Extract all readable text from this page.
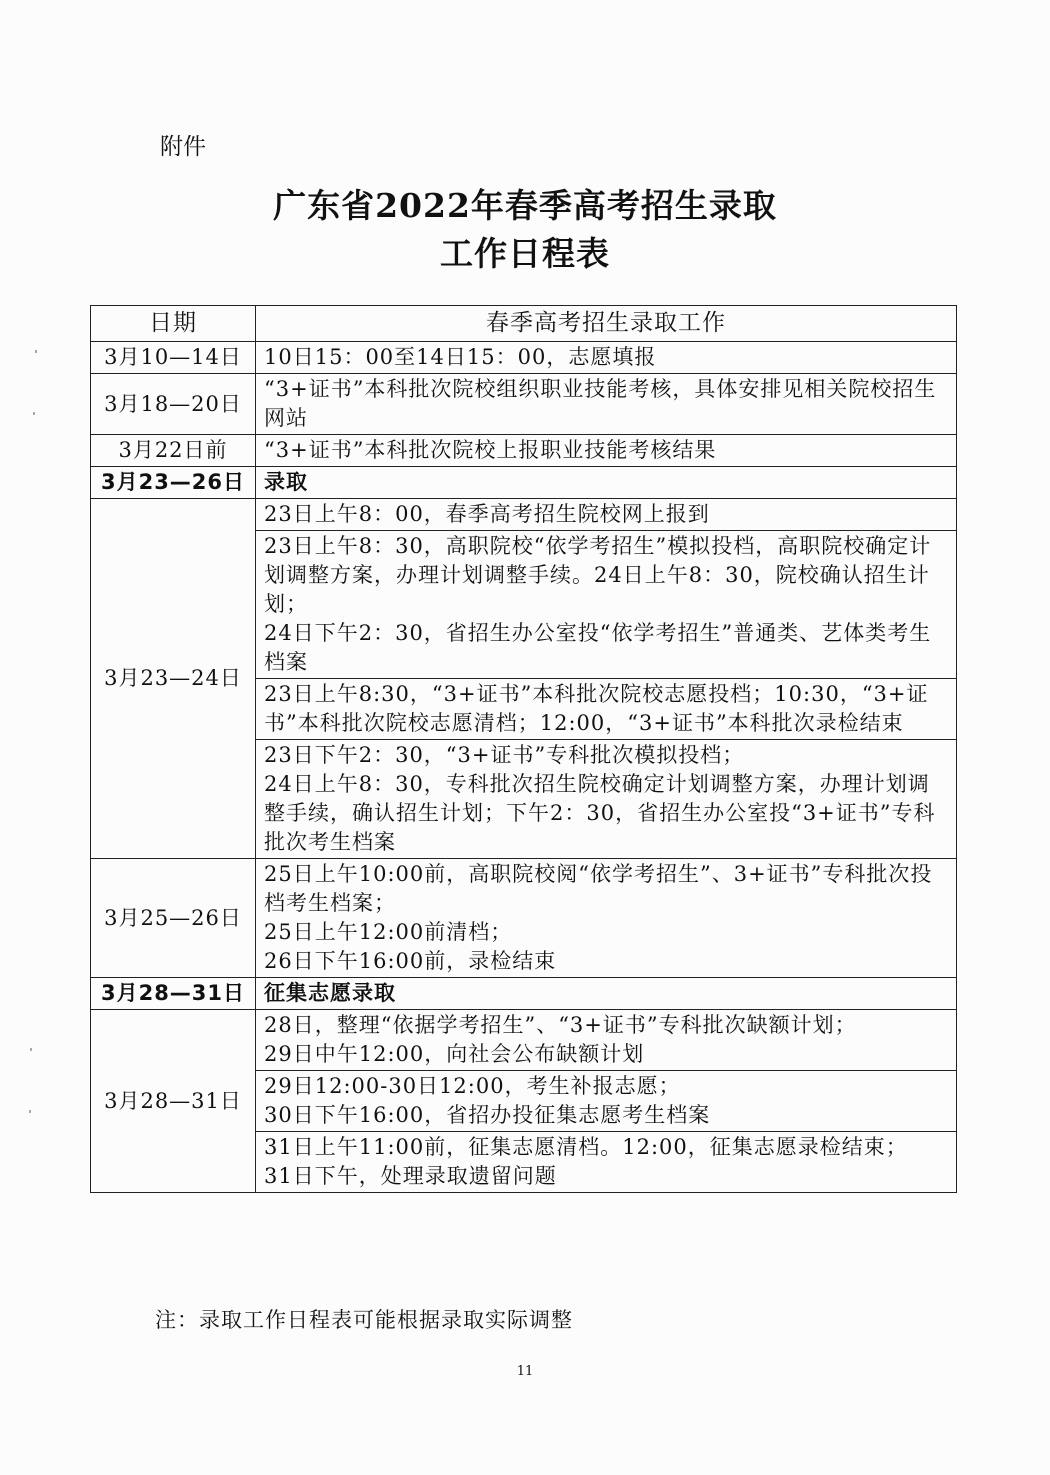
附件
广东省2022年春季高考招生录取
工作日程表
日期	春季高考招生录取工作
3月10—14日	10日15：00至14日15：00，志愿填报
3月18—20日	“3+证书”本科批次院校组织职业技能考核，具体安排见相关院校招生网站
3月22日前	“3+证书”本科批次院校上报职业技能考核结果
3月23—26日	录取
3月23—24日	23日上午8：00，春季高考招生院校网上报到

	23日上午8：30，高职院校“依学考招生”模拟投档，高职院校确定计划调整方案，办理计划调整手续。24日上午8：30，院校确认招生计划；
24日下午2：30，省招生办公室投“依学考招生”普通类、艺体类考生档案

	23日上午8:30，“3+证书”本科批次院校志愿投档；10:30，“3+证书”本科批次院校志愿清档；12:00，“3+证书”本科批次录检结束

	23日下午2：30，“3+证书”专科批次模拟投档；
24日上午8：30，专科批次招生院校确定计划调整方案，办理计划调整手续，确认招生计划；下午2：30，省招生办公室投“3+证书”专科批次考生档案

3月25—26日	25日上午10:00前，高职院校阅“依学考招生”、3+证书”专科批次投档考生档案；
25日上午12:00前清档；
26日下午16:00前，录检结束

3月28—31日	征集志愿录取
3月28—31日	28日，整理“依据学考招生”、“3+证书”专科批次缺额计划；
29日中午12:00，向社会公布缺额计划

	29日12:00-30日12:00，考生补报志愿；
30日下午16:00，省招办投征集志愿考生档案

	31日上午11:00前，征集志愿清档。12:00，征集志愿录检结束；
31日下午，处理录取遗留问题
注：录取工作日程表可能根据录取实际调整
11
